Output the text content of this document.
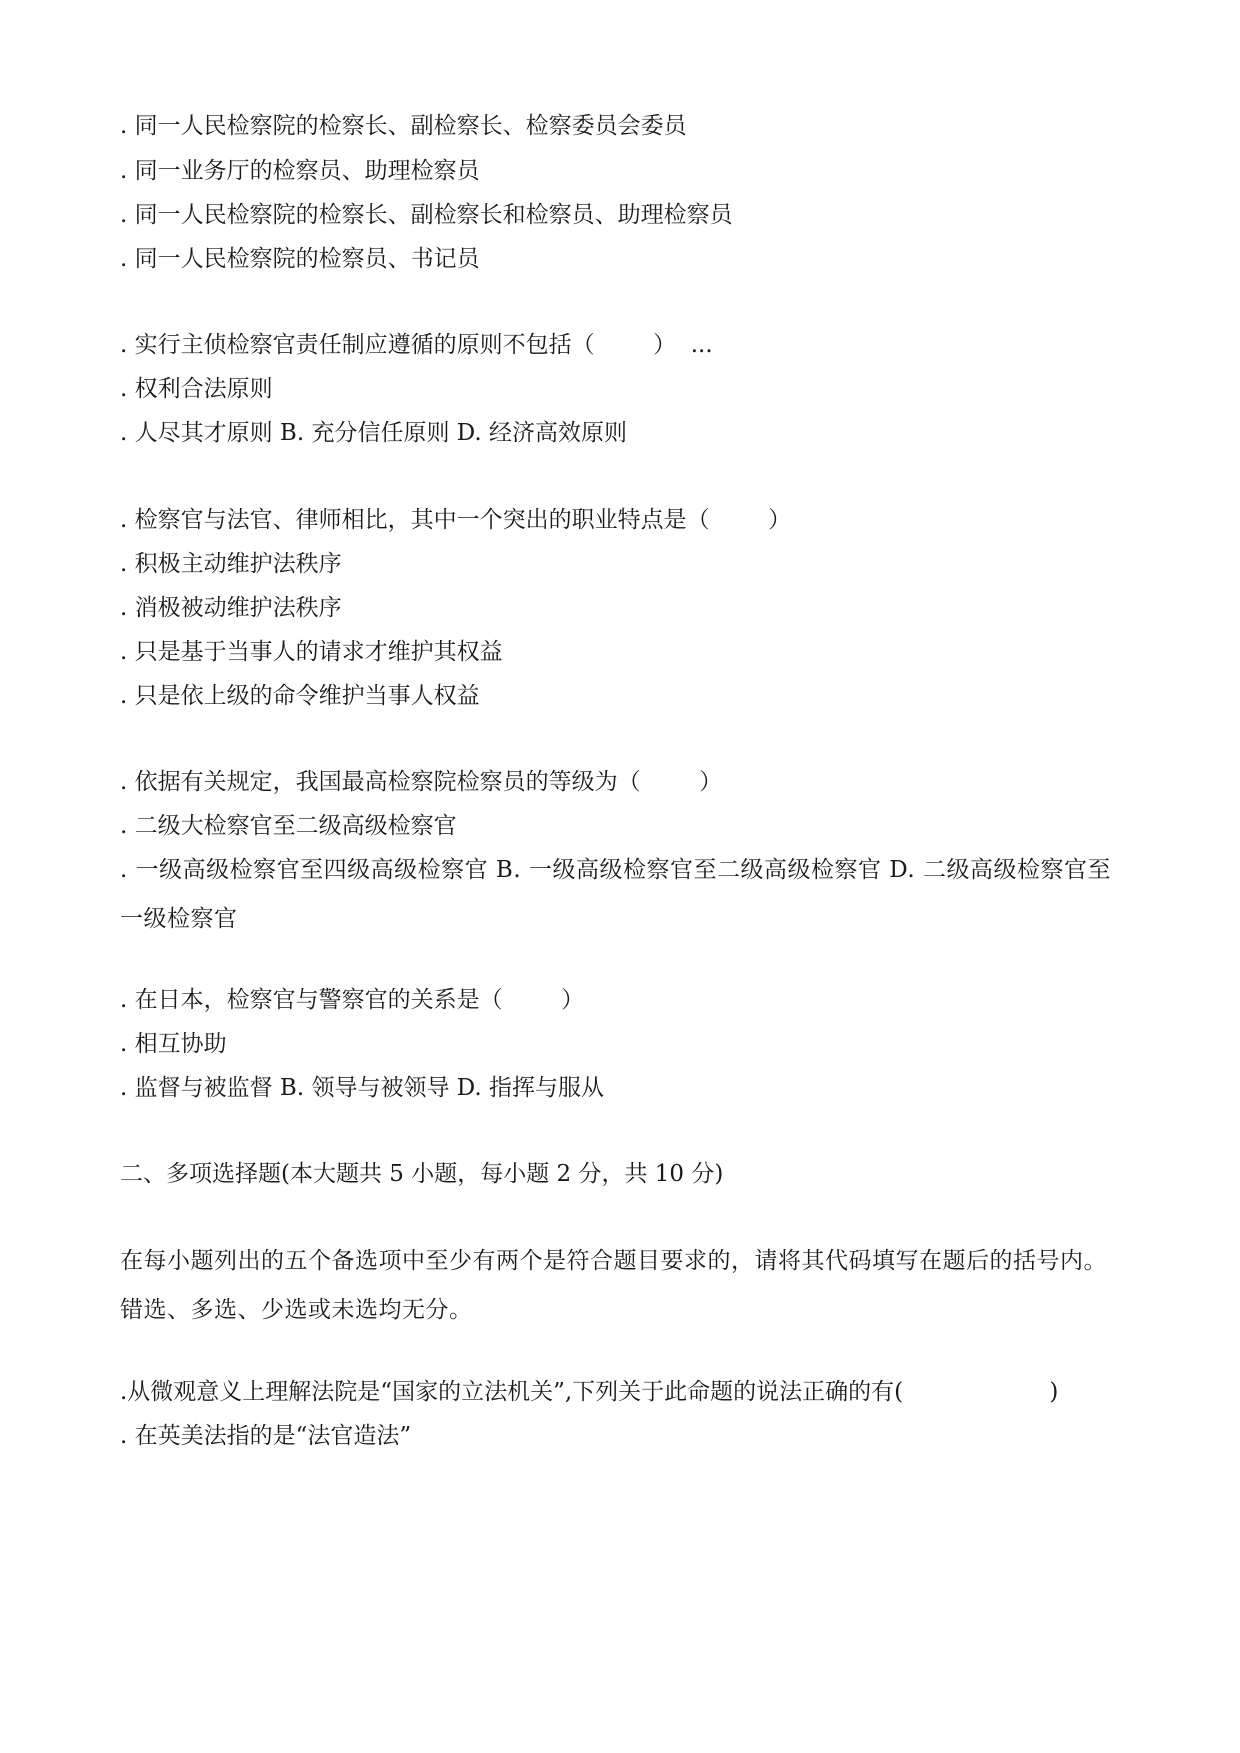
. 同一人民检察院的检察长、副检察长、检察委员会委员
. 同一业务厅的检察员、助理检察员
. 同一人民检察院的检察长、副检察长和检察员、助理检察员
. 同一人民检察院的检察员、书记员
. 实行主侦检察官责任制应遵循的原则不包括（        ）  ...
. 权利合法原则
. 人尽其才原则 B. 充分信任原则 D. 经济高效原则
. 检察官与法官、律师相比，其中一个突出的职业特点是（        ）
. 积极主动维护法秩序
. 消极被动维护法秩序
. 只是基于当事人的请求才维护其权益
. 只是依上级的命令维护当事人权益
. 依据有关规定，我国最高检察院检察员的等级为（        ）
. 二级大检察官至二级高级检察官
. 一级高级检察官至四级高级检察官 B. 一级高级检察官至二级高级检察官 D. 二级高级检察官至一级检察官
. 在日本，检察官与警察官的关系是（        ）
. 相互协助
. 监督与被监督 B. 领导与被领导 D. 指挥与服从
二、多项选择题(本大题共 5 小题，每小题 2 分，共 10 分)
在每小题列出的五个备选项中至少有两个是符合题目要求的，请将其代码填写在题后的括号内。错选、多选、少选或未选均无分。
.从微观意义上理解法院是“国家的立法机关”,下列关于此命题的说法正确的有(                    )
. 在英美法指的是“法官造法”
